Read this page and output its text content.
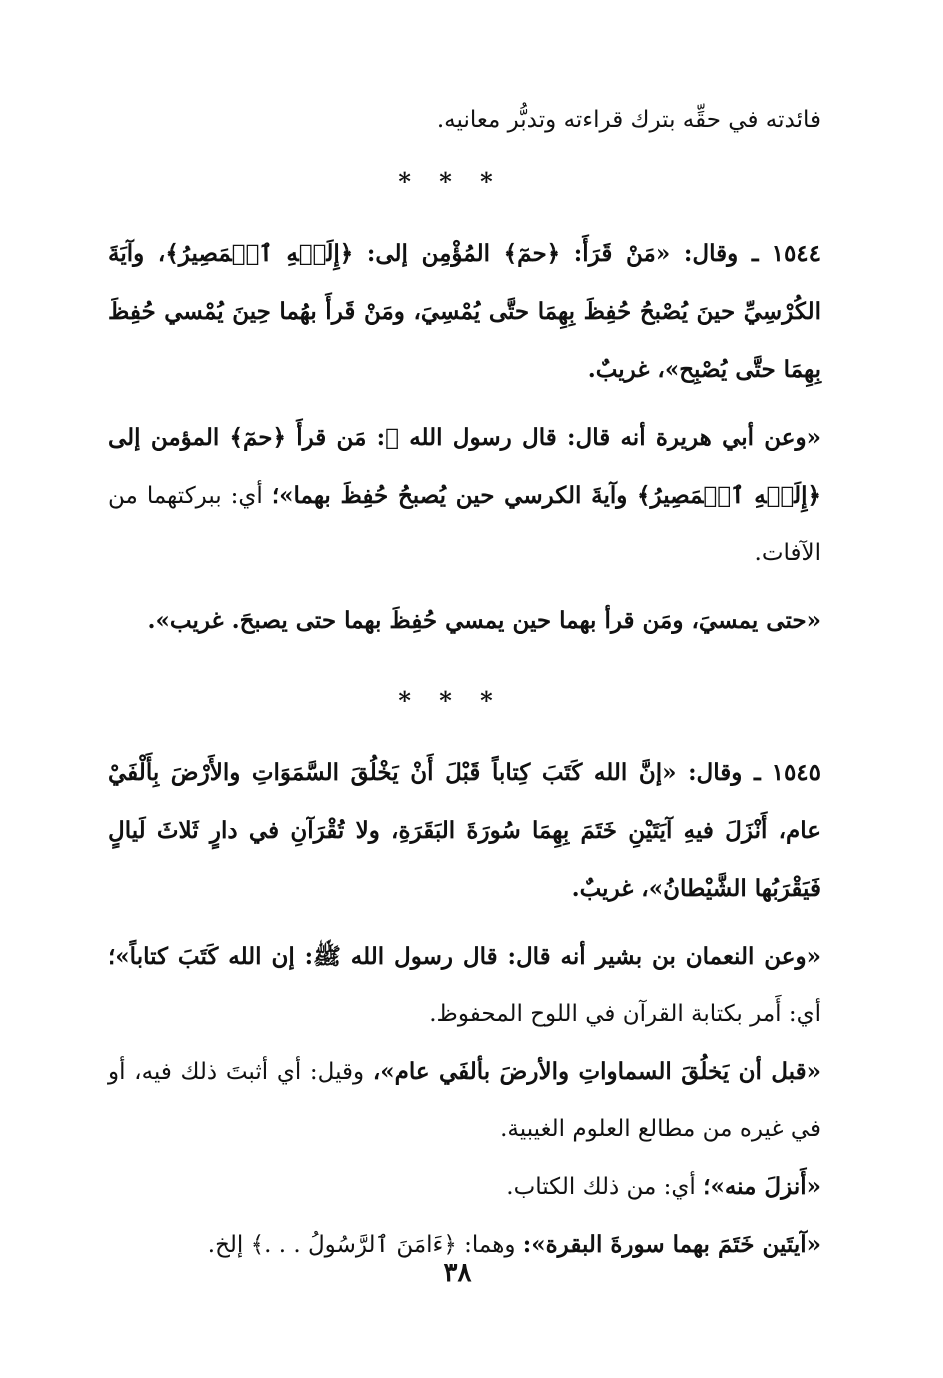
فائدته في حقِّه بترك قراءته وتدبُّر معانيه.

* * *

١٥٤٤ ـ وقال: «مَنْ قَرَأَ: ﴿حمٓ﴾ المُؤْمِن إلى: ﴿إِلَيۡهِ ٱلۡمَصِيرُ﴾، وآيَةَ الكُرْسِيِّ حينَ يُصْبحُ حُفِظَ بِهِمَا حتَّى يُمْسِيَ، ومَنْ قَرأَ بهُما حِينَ يُمْسي حُفِظَ بِهِمَا حتَّى يُصْبِح»، غريبٌ.

«وعن أبي هريرة أنه قال: قال رسول الله ﷺ: مَن قرأَ ﴿حمٓ﴾ المؤمن إلى ﴿إِلَيۡهِ ٱلۡمَصِيرُ﴾ وآيةَ الكرسي حين يُصبحُ حُفِظَ بهما»؛ أي: ببركتهما من الآفات.

«حتى يمسيَ، ومَن قرأ بهما حين يمسي حُفِظَ بهما حتى يصبحَ. غريب».

* * *

١٥٤٥ ـ وقال: «إنَّ الله كَتَبَ كِتاباً قَبْلَ أَنْ يَخْلُقَ السَّمَوَاتِ والأَرْضَ بِأَلْفَيْ عام، أَنْزَلَ فيهِ آيَتَيْنِ خَتَمَ بِهِمَا سُورَةَ البَقَرَةِ، ولا تُقْرَآنِ في دارٍ ثَلاثَ لَيالٍ فَيَقْرَبُها الشَّيْطانُ»، غريبٌ.

«وعن النعمان بن بشير أنه قال: قال رسول الله ﷺ: إن الله كَتَبَ كتاباً»؛ أي: أَمر بكتابة القرآن في اللوح المحفوظ.

«قبل أن يَخلُقَ السماواتِ والأرضَ بألفَي عام»، وقيل: أي أثبتَ ذلك فيه، أو في غيره من مطالع العلوم الغيبية.

«أَنزلَ منه»؛ أي: من ذلك الكتاب.

«آيتَين خَتَمَ بهما سورةَ البقرة»: وهما: ﴿ءَامَنَ ٱلرَّسُولُ . . .﴾ إلخ.

٣٨
